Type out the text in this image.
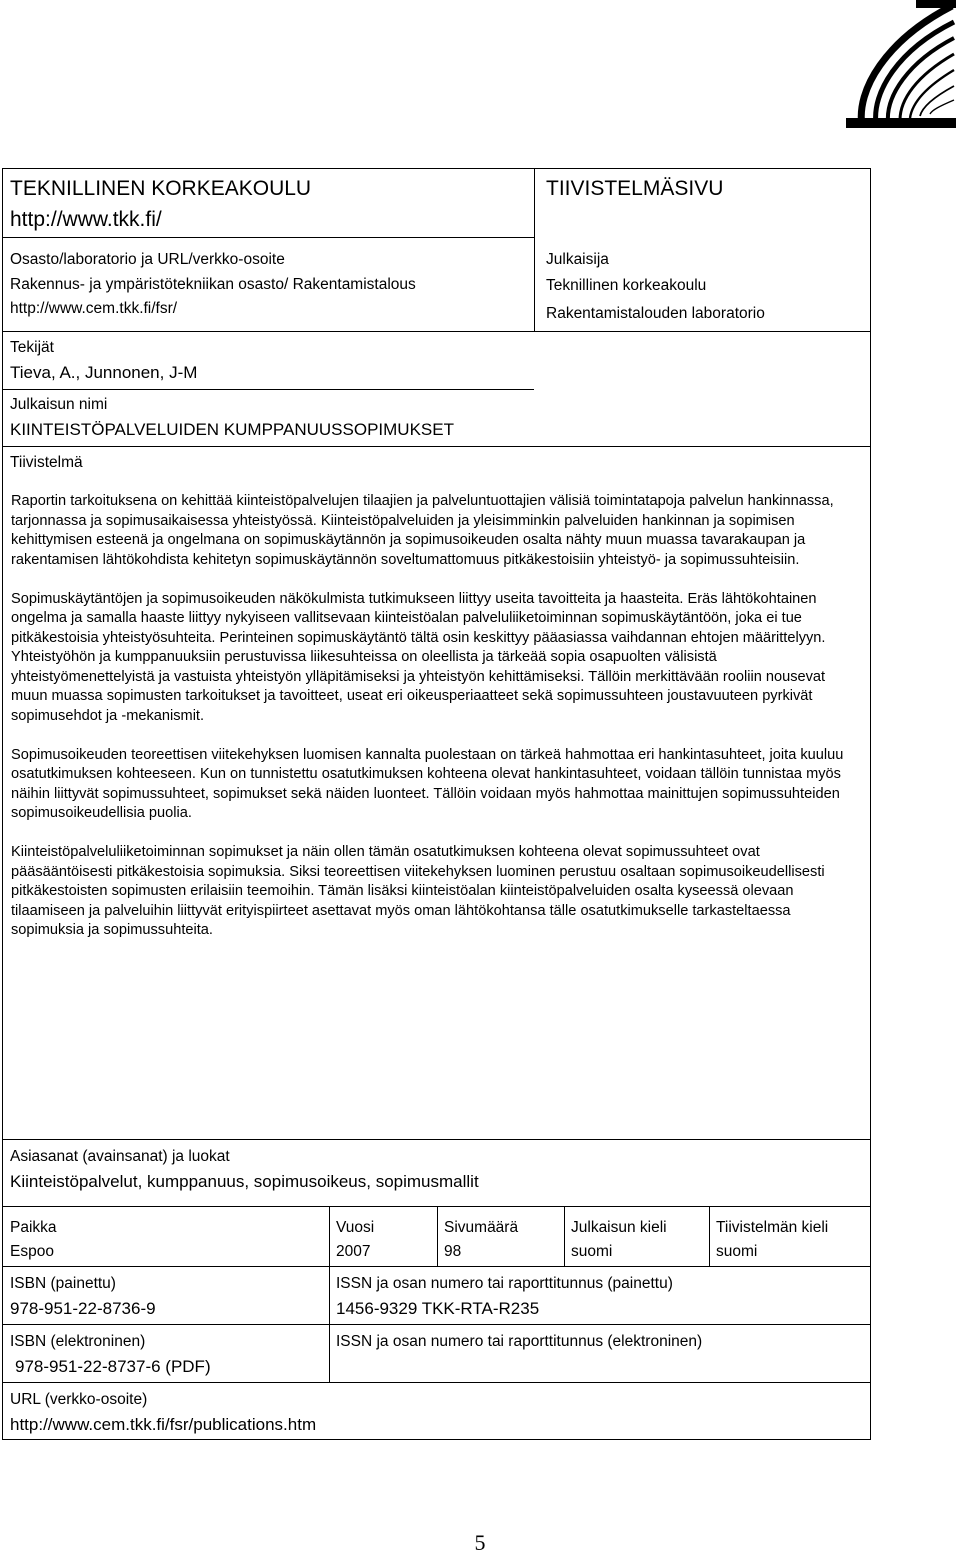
TEKNILLINEN KORKEAKOULU
http://www.tkk.fi/
Osasto/laboratorio ja URL/verkko-osoite
Rakennus- ja ympäristötekniikan osasto/ Rakentamistalous
http://www.cem.tkk.fi/fsr/
TIIVISTELMÄSIVU
Julkaisija
Teknillinen korkeakoulu
Rakentamistalouden laboratorio
Tekijät
Tieva, A., Junnonen, J-M
Julkaisun nimi
KIINTEISTÖPALVELUIDEN KUMPPANUUSSOPIMUKSET
Tiivistelmä

Raportin tarkoituksena on kehittää kiinteistöpalvelujen tilaajien ja palveluntuottajien välisiä toimintatapoja palvelun hankinnassa, tarjonnassa ja sopimusaikaisessa yhteistyössä. Kiinteistöpalveluiden ja yleisimminkin palveluiden hankinnan ja sopimisen kehittymisen esteenä ja ongelmana on sopimuskäytännön ja sopimusoikeuden osalta nähty muun muassa tavarakaupan ja rakentamisen lähtökohdista kehitetyn sopimuskäytännön soveltumattomuus pitkäkestoisiin yhteistyö- ja sopimussuhteisiin.

Sopimuskäytäntöjen ja sopimusoikeuden näkökulmista tutkimukseen liittyy useita tavoitteita ja haasteita. Eräs lähtökohtainen ongelma ja samalla haaste liittyy nykyiseen vallitsevaan kiinteistöalan palveluliiketoiminnan sopimuskäytäntöön, joka ei tue pitkäkestoisia yhteistyösuhteita. Perinteinen sopimuskäytäntö tältä osin keskittyy pääasiassa vaihdannan ehtojen määrittelyyn. Yhteistyöhön ja kumppanuuksiin perustuvissa liikesuhteissa on oleellista ja tärkeää sopia osapuolten välisistä yhteistyömenettelyistä ja vastuista yhteistyön ylläpitämiseksi ja yhteistyön kehittämiseksi. Tällöin merkittävään rooliin nousevat muun muassa sopimusten tarkoitukset ja tavoitteet, useat eri oikeusperiaatteet sekä sopimussuhteen joustavuuteen pyrkivät sopimusehdot ja -mekanismit.

Sopimusoikeuden teoreettisen viitekehyksen luomisen kannalta puolestaan on tärkeä hahmottaa eri hankintasuhteet, joita kuuluu osatutkimuksen kohteeseen. Kun on tunnistettu osatutkimuksen kohteena olevat hankintasuhteet, voidaan tällöin tunnistaa myös näihin liittyvät sopimussuhteet, sopimukset sekä näiden luonteet. Tällöin voidaan myös hahmottaa mainittujen sopimussuhteiden sopimusoikeudellisia puolia.

Kiinteistöpalveluliiketoiminnan sopimukset ja näin ollen tämän osatutkimuksen kohteena olevat sopimussuhteet ovat pääsääntöisesti pitkäkestoisia sopimuksia. Siksi teoreettisen viitekehyksen luominen perustuu osaltaan sopimusoikeudellisesti pitkäkestoisten sopimusten erilaisiin teemoihin. Tämän lisäksi kiinteistöalan kiinteistöpalveluiden osalta kyseessä olevaan tilaamiseen ja palveluihin liittyvät erityispiirteet asettavat myös oman lähtökohtansa tälle osatutkimukselle tarkasteltaessa sopimuksia ja sopimussuhteita.

Asiasanat (avainsanat) ja luokat
Kiinteistöpalvelut, kumppanuus, sopimusoikeus, sopimusmallit
Paikka
Espoo
Vuosi
2007
Sivumäärä
98
Julkaisun kieli
suomi
Tiivistelmän kieli
suomi
ISBN (painettu)
978-951-22-8736-9
ISSN ja osan numero tai raporttitunnus (painettu)
1456-9329 TKK-RTA-R235
ISBN (elektroninen)
978-951-22-8737-6 (PDF)
ISSN ja osan numero tai raporttitunnus (elektroninen)
URL (verkko-osoite)
http://www.cem.tkk.fi/fsr/publications.htm
5
